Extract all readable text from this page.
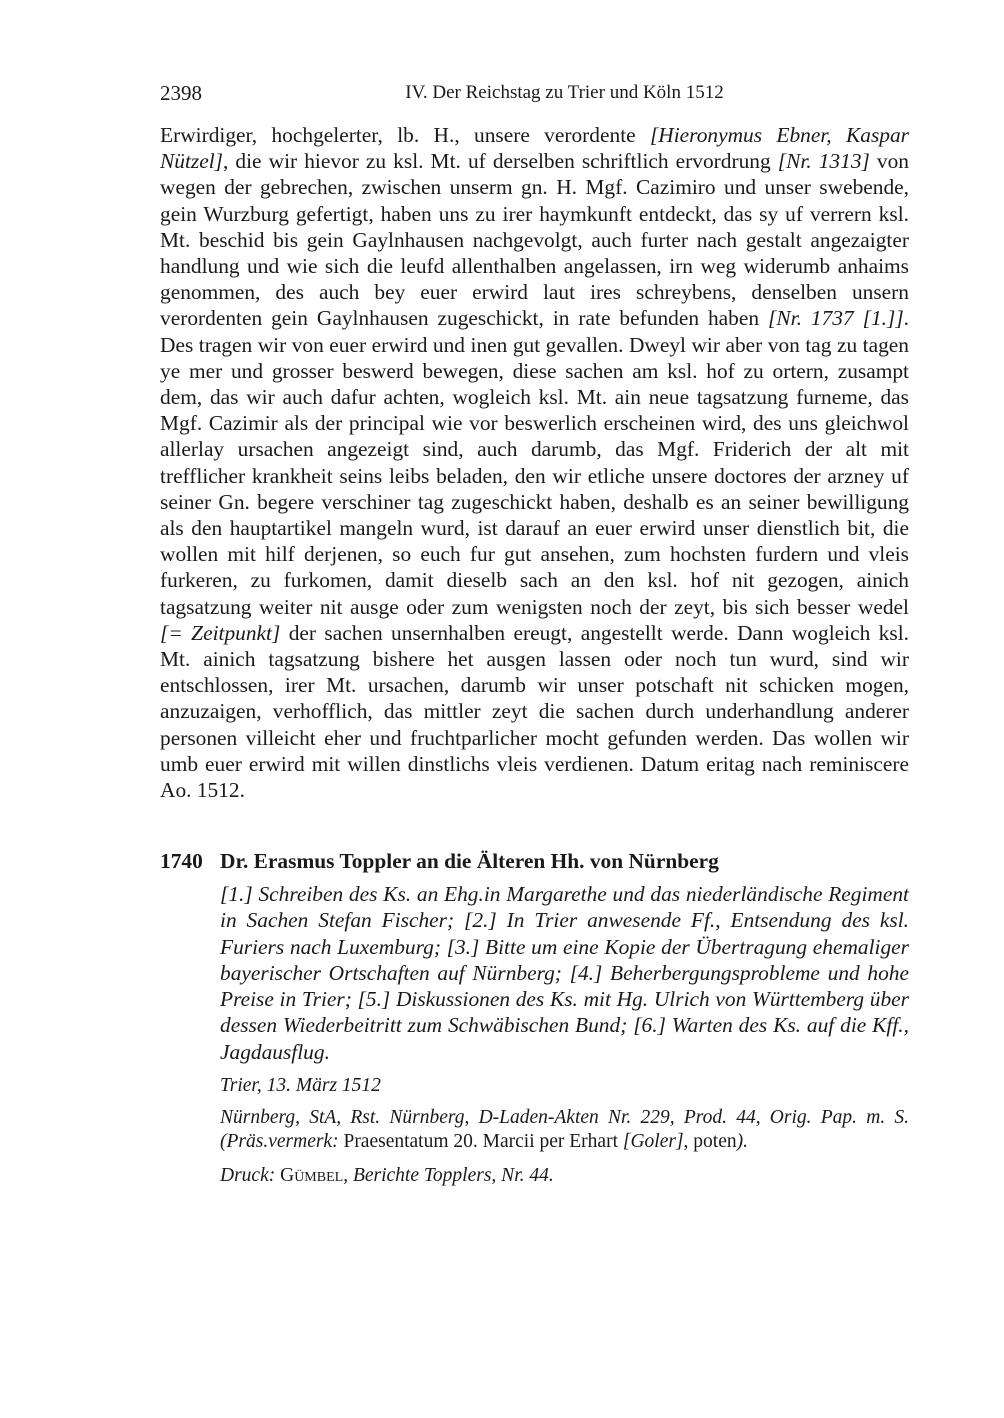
2398	IV. Der Reichstag zu Trier und Köln 1512

Erwirdiger, hochgelerter, lb. H., unsere verordente [Hieronymus Ebner, Kaspar Nützel], die wir hievor zu ksl. Mt. uf derselben schriftlich ervordrung [Nr. 1313] von wegen der gebrechen, zwischen unserm gn. H. Mgf. Cazimiro und unser swebende, gein Wurzburg gefertigt, haben uns zu irer haymkunft entdeckt, das sy uf verrern ksl. Mt. beschid bis gein Gaylnhausen nachgevolgt, auch furter nach gestalt angezaigter handlung und wie sich die leufd allenthalben angelassen, irn weg widerumb anhaims genommen, des auch bey euer erwird laut ires schreybens, denselben unsern verordenten gein Gaylnhausen zugeschickt, in rate befunden haben [Nr. 1737 [1.]]. Des tragen wir von euer erwird und inen gut gevallen. Dweyl wir aber von tag zu tagen ye mer und grosser beswerd bewegen, diese sachen am ksl. hof zu ortern, zusampt dem, das wir auch dafur achten, wogleich ksl. Mt. ain neue tagsatzung furneme, das Mgf. Cazimir als der principal wie vor beswerlich erscheinen wird, des uns gleichwol allerlay ursachen angezeigt sind, auch darumb, das Mgf. Friderich der alt mit trefflicher krankheit seins leibs beladen, den wir etliche unsere doctores der arzney uf seiner Gn. begere verschiner tag zugeschickt haben, deshalb es an seiner bewilligung als den hauptartikel mangeln wurd, ist darauf an euer erwird unser dienstlich bit, die wollen mit hilf derjenen, so euch fur gut ansehen, zum hochsten furdern und vleis furkeren, zu furkomen, damit dieselb sach an den ksl. hof nit gezogen, ainich tagsatzung weiter nit ausge oder zum wenigsten noch der zeyt, bis sich besser wedel [= Zeitpunkt] der sachen unsernhalben ereugt, angestellt werde. Dann wogleich ksl. Mt. ainich tagsatzung bishere het ausgen lassen oder noch tun wurd, sind wir entschlossen, irer Mt. ursachen, darumb wir unser potschaft nit schicken mogen, anzuzaigen, verhofflich, das mittler zeyt die sachen durch underhandlung anderer personen villeicht eher und fruchtparlicher mocht gefunden werden. Das wollen wir umb euer erwird mit willen dinstlichs vleis verdienen. Datum eritag nach reminiscere Ao. 1512.

1740 Dr. Erasmus Toppler an die Älteren Hh. von Nürnberg

[1.] Schreiben des Ks. an Ehg.in Margarethe und das niederländische Regiment in Sachen Stefan Fischer; [2.] In Trier anwesende Ff., Entsendung des ksl. Furiers nach Luxemburg; [3.] Bitte um eine Kopie der Übertragung ehemaliger bayerischer Ortschaften auf Nürnberg; [4.] Beherbergungsprobleme und hohe Preise in Trier; [5.] Diskussionen des Ks. mit Hg. Ulrich von Württemberg über dessen Wiederbeitritt zum Schwäbischen Bund; [6.] Warten des Ks. auf die Kff., Jagdausflug.

Trier, 13. März 1512
Nürnberg, StA, Rst. Nürnberg, D-Laden-Akten Nr. 229, Prod. 44, Orig. Pap. m. S. (Präs.vermerk: Praesentatum 20. Marcii per Erhart [Goler], poten).
Druck: Gümbel, Berichte Topplers, Nr. 44.
